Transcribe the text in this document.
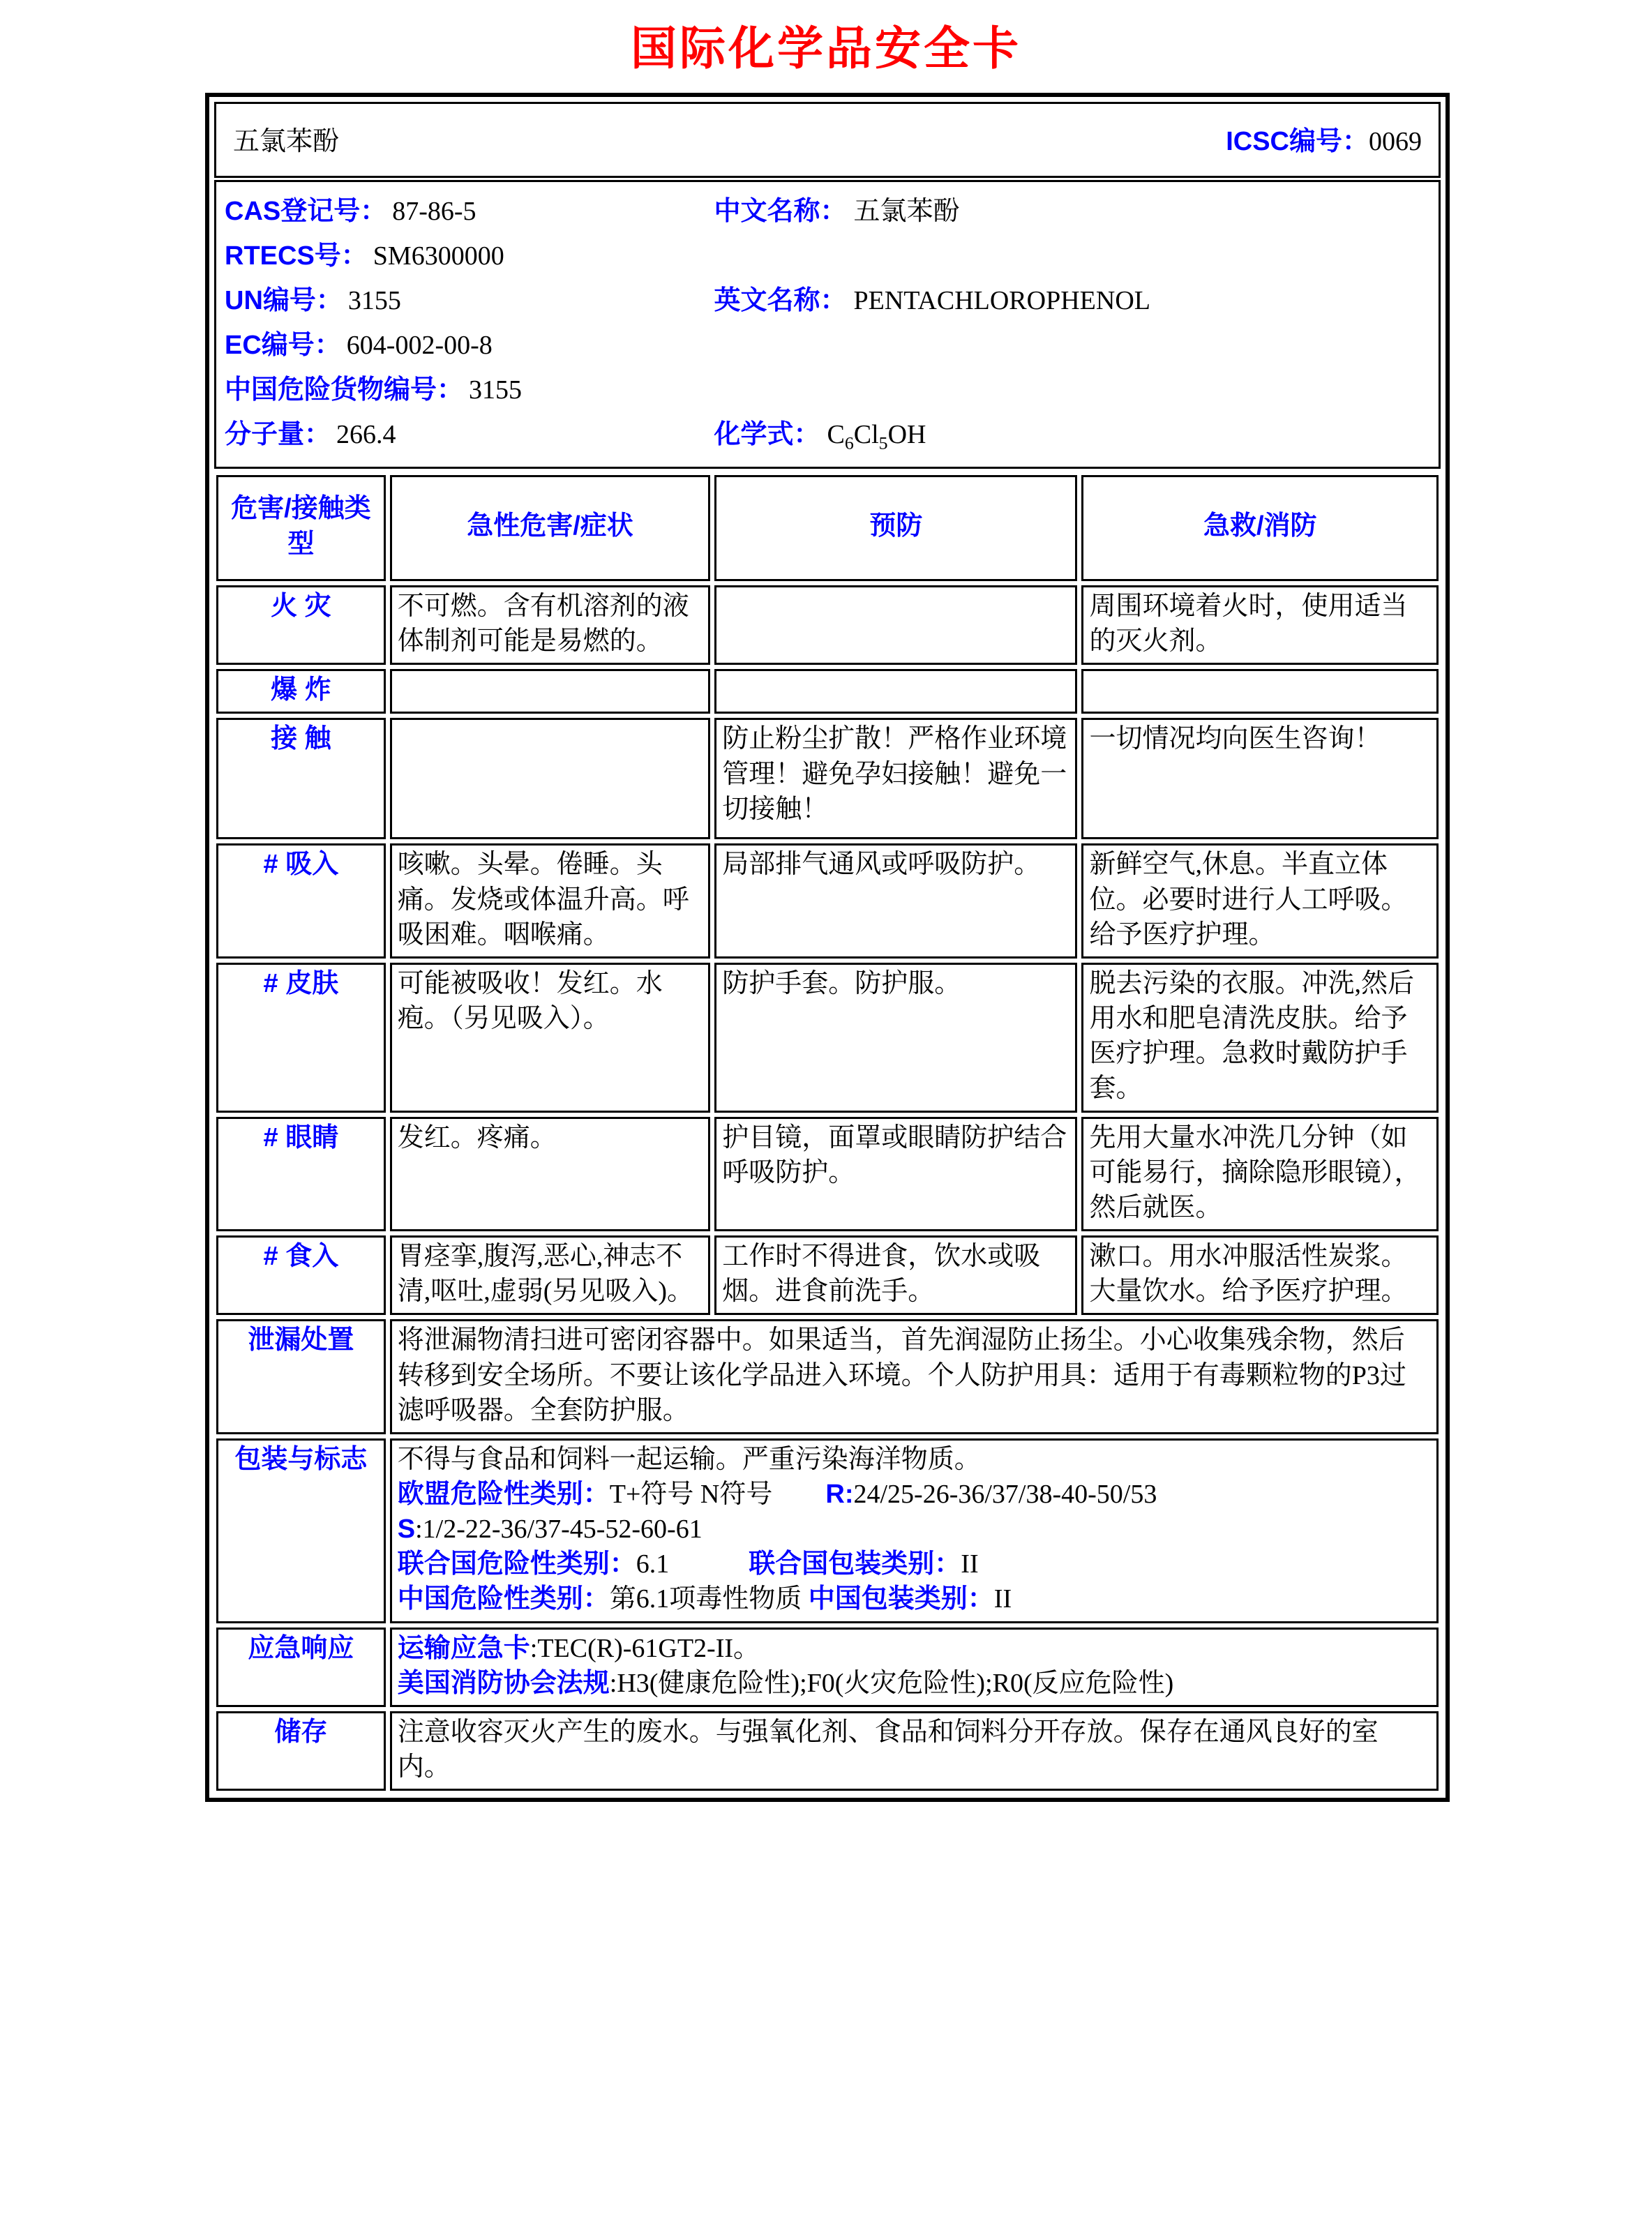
国际化学品安全卡
五氯苯酚	ICSC编号：0069
CAS登记号： 87-86-5
RTECS号： SM6300000
UN编号： 3155
EC编号： 604-002-00-8
中国危险货物编号： 3155
分子量： 266.4
中文名称： 五氯苯酚
英文名称： PENTACHLOROPHENOL
化学式： $C_6Cl_5OH$
危害/接触类型	急性危害/症状	预防	急救/消防
火 灾	不可燃。含有机溶剂的液体制剂可能是易燃的。		周围环境着火时，使用适当的灭火剂。
爆 炸			
接 触		防止粉尘扩散！严格作业环境管理！避免孕妇接触！避免一切接触！	一切情况均向医生咨询！
# 吸入	咳嗽。头晕。倦睡。头痛。发烧或体温升高。呼吸困难。咽喉痛。	局部排气通风或呼吸防护。	新鲜空气,休息。半直立体位。必要时进行人工呼吸。给予医疗护理。
# 皮肤	可能被吸收！发红。水疱。（另见吸入）。	防护手套。防护服。	脱去污染的衣服。冲洗,然后用水和肥皂清洗皮肤。给予医疗护理。急救时戴防护手套。
# 眼睛	发红。疼痛。	护目镜，面罩或眼睛防护结合呼吸防护。	先用大量水冲洗几分钟（如可能易行，摘除隐形眼镜），然后就医。
# 食入	胃痉挛,腹泻,恶心,神志不清,呕吐,虚弱(另见吸入)。	工作时不得进食，饮水或吸烟。进食前洗手。	漱口。用水冲服活性炭浆。大量饮水。给予医疗护理。
泄漏处置	将泄漏物清扫进可密闭容器中。如果适当，首先润湿防止扬尘。小心收集残余物，然后转移到安全场所。不要让该化学品进入环境。个人防护用具：适用于有毒颗粒物的P3过滤呼吸器。全套防护服。		
包装与标志	不得与食品和饲料一起运输。严重污染海洋物质。
欧盟危险性类别：T+符号 N符号　　 R:24/25-26-36/37/38-40-50/53
S:1/2-22-36/37-45-52-60-61
联合国危险性类别：6.1　　　 联合国包装类别：II
中国危险性类别：第6.1项毒性物质 中国包装类别：II		

应急响应	运输应急卡:TEC(R)-61GT2-II。
美国消防协会法规:H3(健康危险性);F0(火灾危险性);R0(反应危险性)		

储存	注意收容灭火产生的废水。与强氧化剂、食品和饲料分开存放。保存在通风良好的室内。		
